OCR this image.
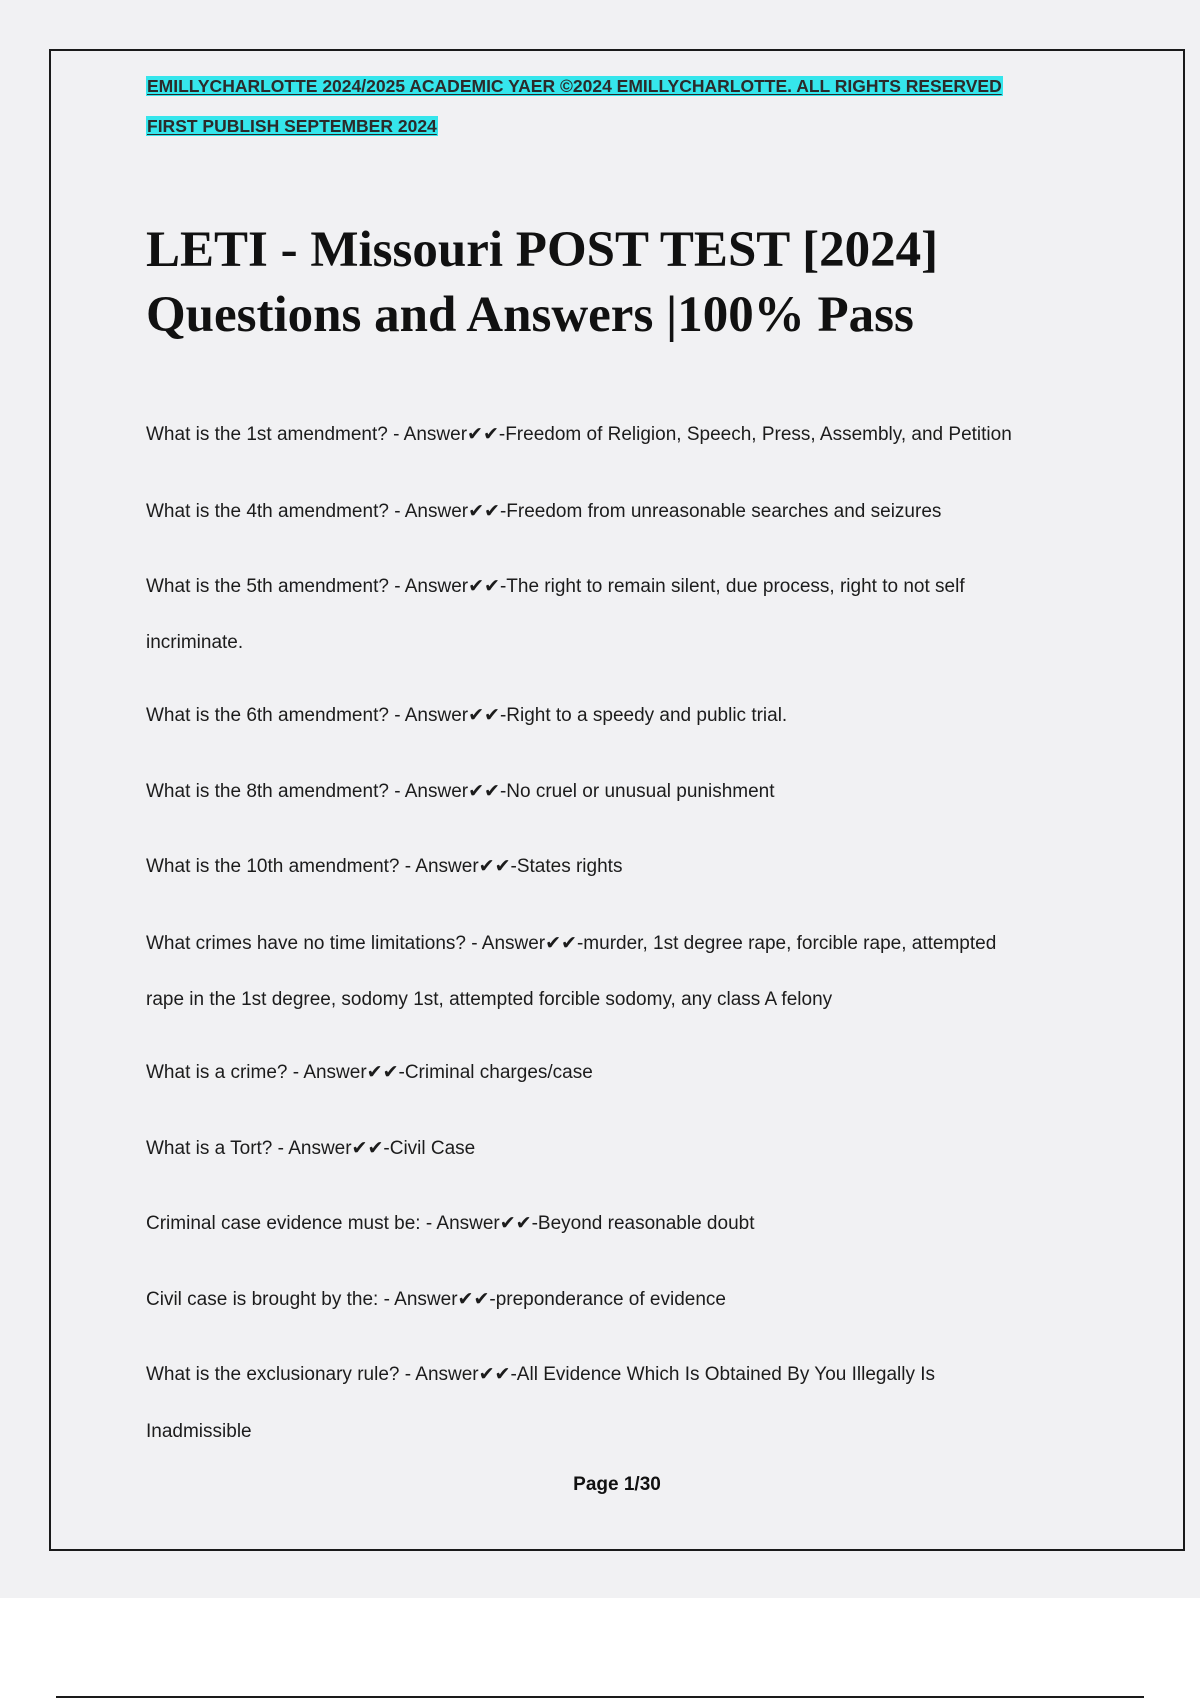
EMILLYCHARLOTTE 2024/2025 ACADEMIC YAER ©2024 EMILLYCHARLOTTE. ALL RIGHTS RESERVED
FIRST PUBLISH SEPTEMBER 2024
LETI - Missouri POST TEST [2024]
Questions and Answers |100% Pass
What is the 1st amendment? - Answer✔✔-Freedom of Religion, Speech, Press, Assembly, and Petition
What is the 4th amendment? - Answer✔✔-Freedom from unreasonable searches and seizures
What is the 5th amendment? - Answer✔✔-The right to remain silent, due process, right to not self
incriminate.
What is the 6th amendment? - Answer✔✔-Right to a speedy and public trial.
What is the 8th amendment? - Answer✔✔-No cruel or unusual punishment
What is the 10th amendment? - Answer✔✔-States rights
What crimes have no time limitations? - Answer✔✔-murder, 1st degree rape, forcible rape, attempted
rape in the 1st degree, sodomy 1st, attempted forcible sodomy, any class A felony
What is a crime? - Answer✔✔-Criminal charges/case
What is a Tort? - Answer✔✔-Civil Case
Criminal case evidence must be: - Answer✔✔-Beyond reasonable doubt
Civil case is brought by the: - Answer✔✔-preponderance of evidence
What is the exclusionary rule? - Answer✔✔-All Evidence Which Is Obtained By You Illegally Is
Inadmissible
Page 1/30
